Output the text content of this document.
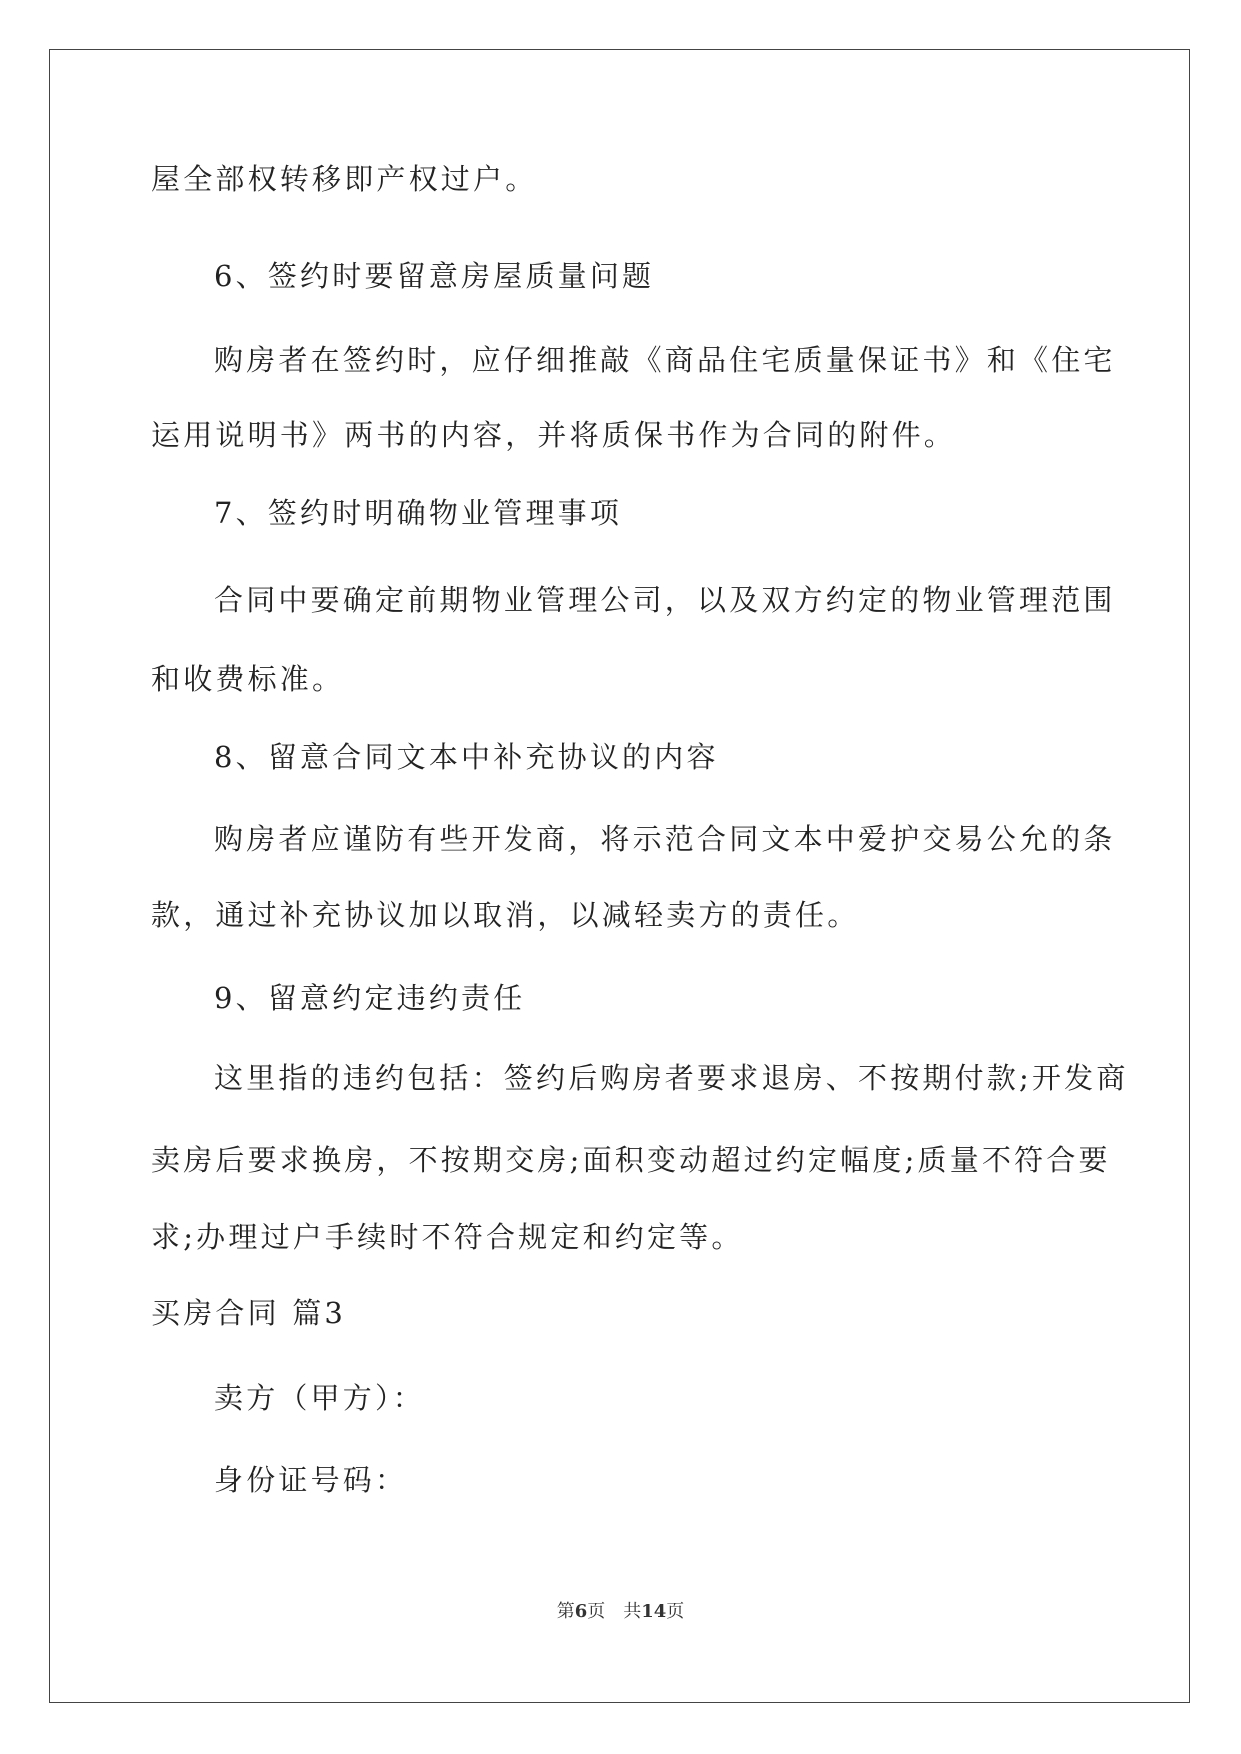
屋全部权转移即产权过户。
6、签约时要留意房屋质量问题
购房者在签约时，应仔细推敲《商品住宅质量保证书》和《住宅
运用说明书》两书的内容，并将质保书作为合同的附件。
7、签约时明确物业管理事项
合同中要确定前期物业管理公司，以及双方约定的物业管理范围
和收费标准。
8、留意合同文本中补充协议的内容
购房者应谨防有些开发商，将示范合同文本中爱护交易公允的条
款，通过补充协议加以取消，以减轻卖方的责任。
9、留意约定违约责任
这里指的违约包括：签约后购房者要求退房、不按期付款;开发商
卖房后要求换房，不按期交房;面积变动超过约定幅度;质量不符合要
求;办理过户手续时不符合规定和约定等。
买房合同 篇3
卖方（甲方）：
身份证号码：
第6页 共14页
